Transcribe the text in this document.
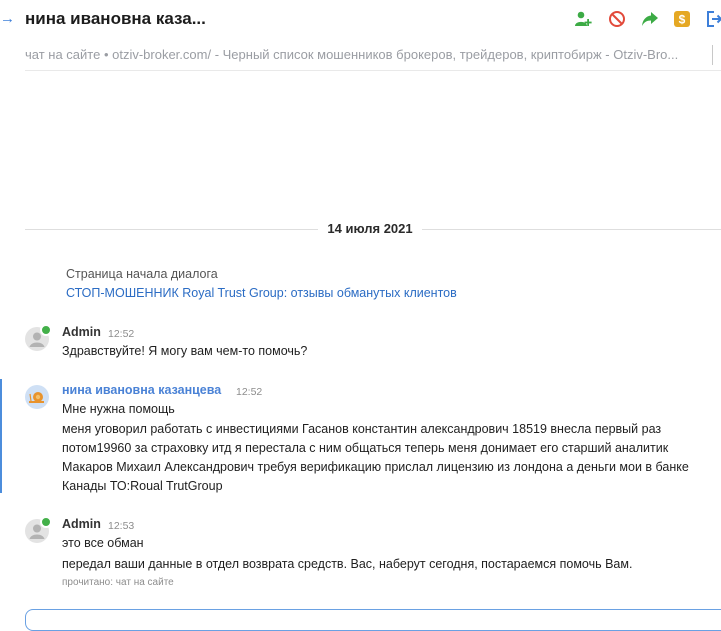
→ нина ивановна каза...	$
чат на сайте • otziv-broker.com/ - Черный список мошенников брокеров, трейдеров, криптобирж - Otziv-Bro...
14 июля 2021
Страница начала диалога
СТОП-МОШЕННИК Royal Trust Group: отзывы обманутых клиентов
Admin 12:52
Здравствуйте! Я могу вам чем-то помочь?
нина ивановна казанцева 12:52
Мне нужна помощь
меня уговорил работать с инвестициями Гасанов константин александрович 18519 внесла первый раз потом19960 за страховку итд я перестала с ним общаться теперь меня донимает его старший аналитик Макаров Михаил Александрович требуя верификацию прислал лицензию из лондона а деньги мои в банке Канады ТО:Roual TrutGroup
Admin 12:53
это все обман
передал ваши данные в отдел возврата средств. Вас, наберут сегодня, постараемся помочь Вам.
прочитано: чат на сайте
